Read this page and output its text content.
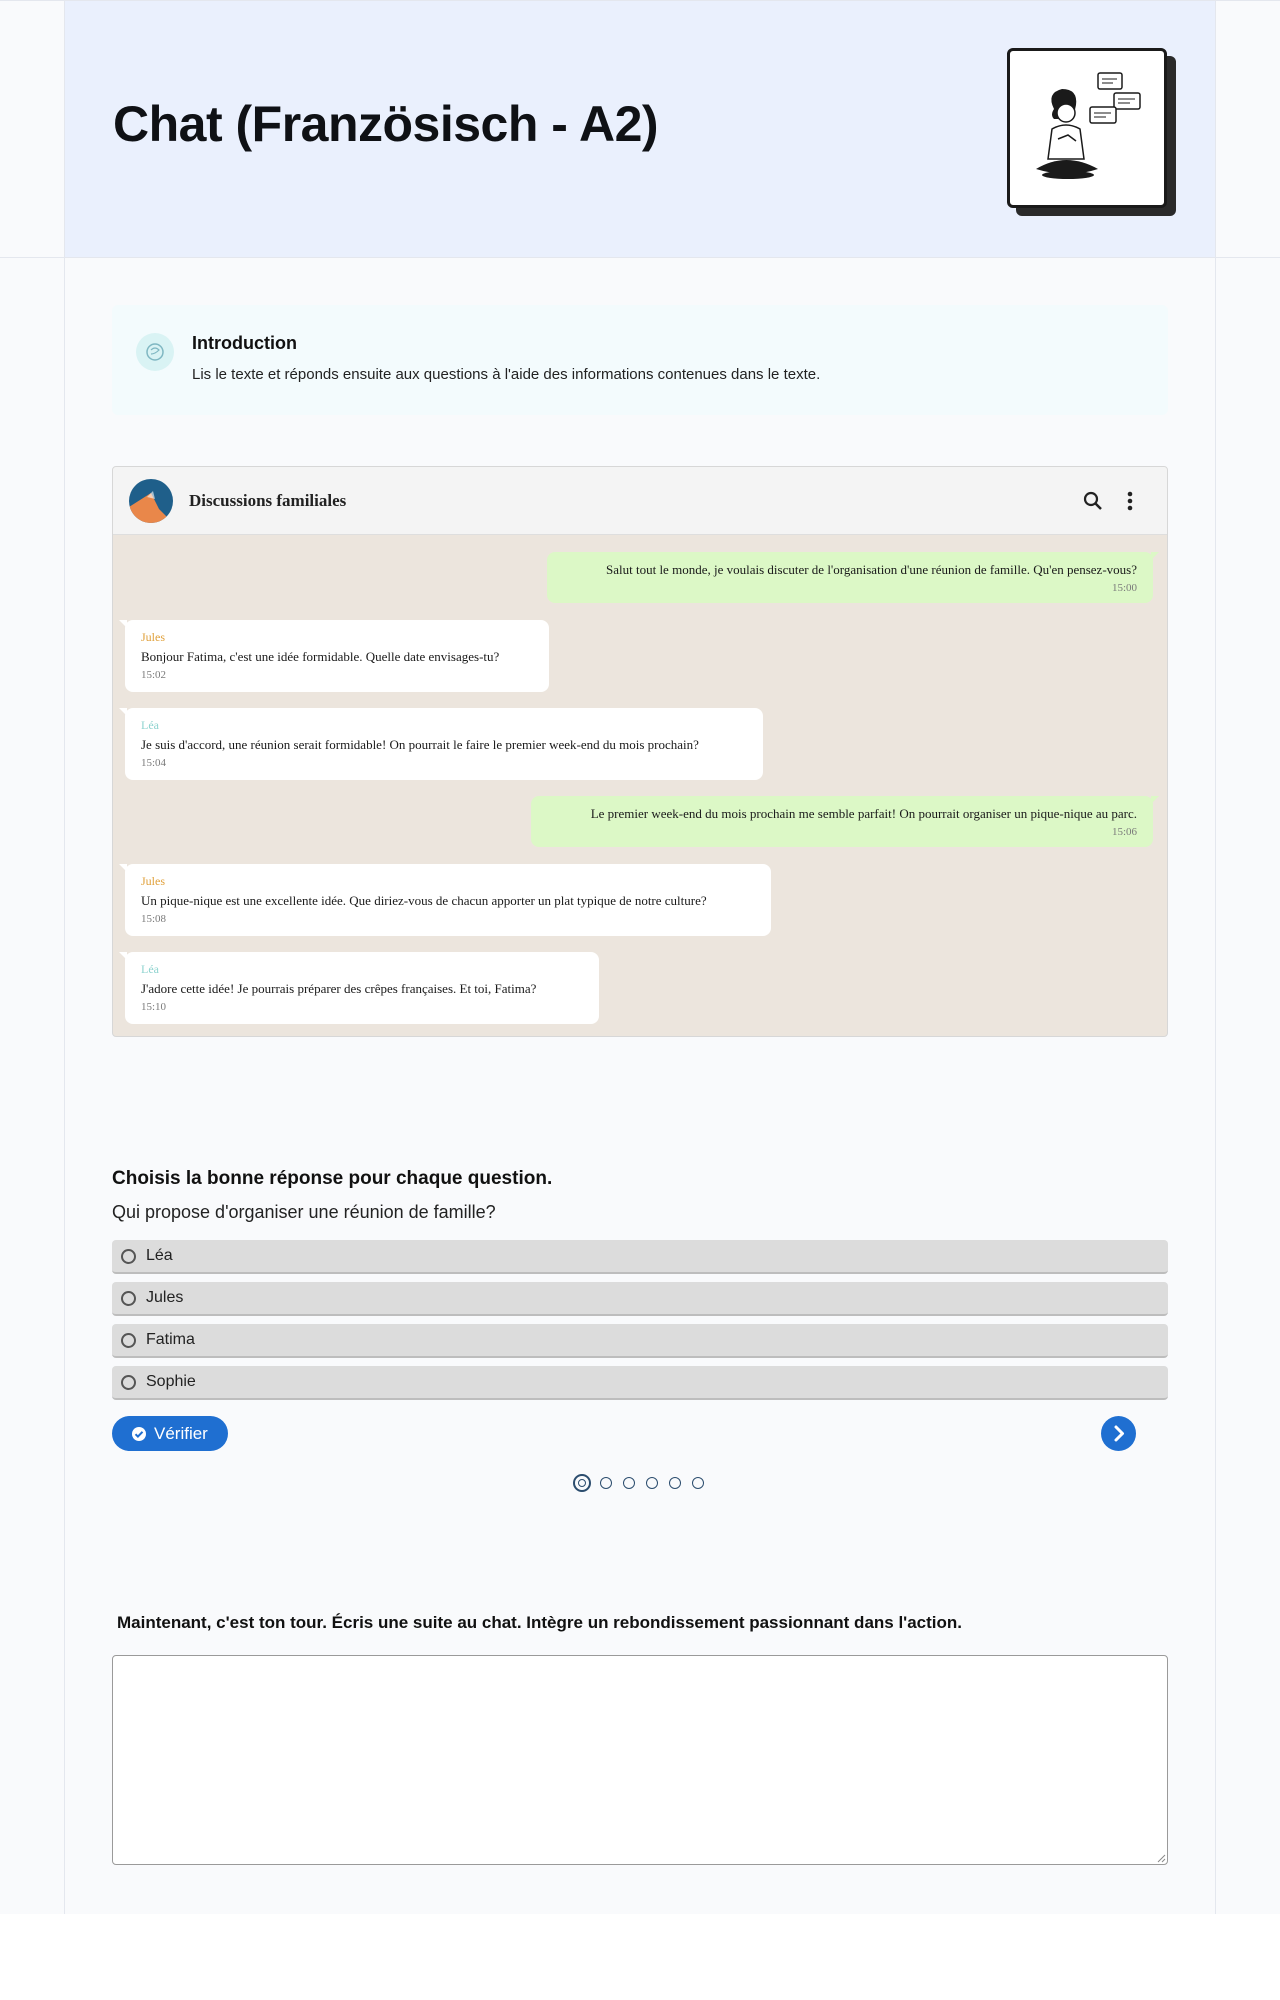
Chat (Französisch - A2)
Introduction
Lis le texte et réponds ensuite aux questions à l'aide des informations contenues dans le texte.
Discussions familiales
Salut tout le monde, je voulais discuter de l'organisation d'une réunion de famille. Qu'en pensez-vous?
15:00
Jules
Bonjour Fatima, c'est une idée formidable. Quelle date envisages-tu?
15:02
Léa
Je suis d'accord, une réunion serait formidable! On pourrait le faire le premier week-end du mois prochain?
15:04
Le premier week-end du mois prochain me semble parfait! On pourrait organiser un pique-nique au parc.
15:06
Jules
Un pique-nique est une excellente idée. Que diriez-vous de chacun apporter un plat typique de notre culture?
15:08
Léa
J'adore cette idée! Je pourrais préparer des crêpes françaises. Et toi, Fatima?
15:10
Choisis la bonne réponse pour chaque question.
Qui propose d'organiser une réunion de famille?
Léa
Jules
Fatima
Sophie
Vérifier
Maintenant, c'est ton tour. Écris une suite au chat. Intègre un rebondissement passionnant dans l'action.
